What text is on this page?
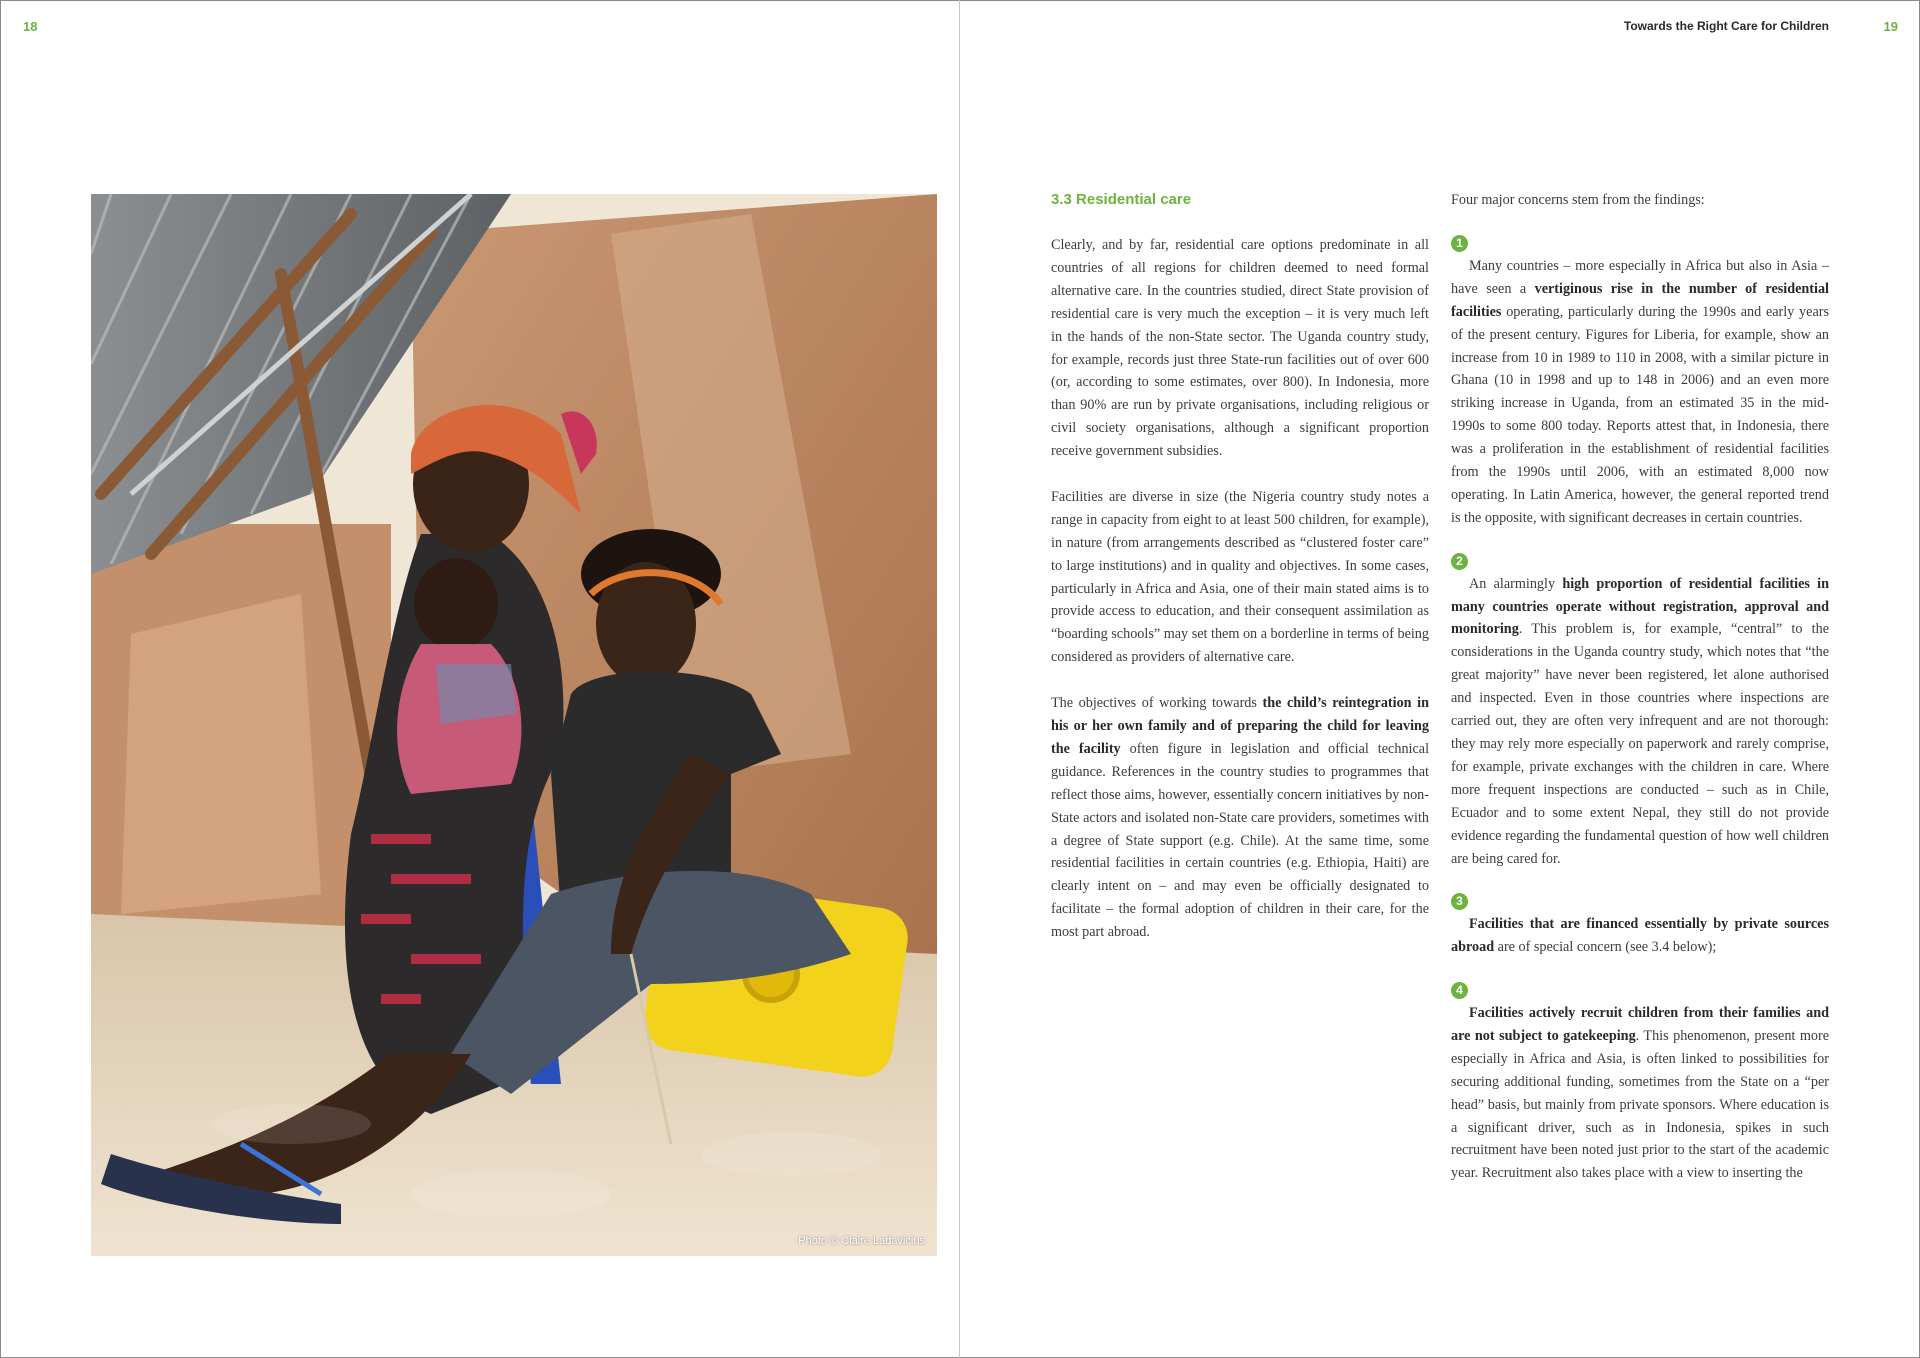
18	Towards the Right Care for Children	19
Photo © Claire Ladavicius
3.3 Residential care

Clearly, and by far, residential care options predominate in all countries of all regions for children deemed to need formal alternative care. In the countries studied, direct State provision of residential care is very much the exception – it is very much left in the hands of the non-State sector. The Uganda country study, for example, records just three State-run facilities out of over 600 (or, according to some estimates, over 800). In Indonesia, more than 90% are run by private organisations, including religious or civil society organisations, although a significant proportion receive government subsidies.

Facilities are diverse in size (the Nigeria country study notes a range in capacity from eight to at least 500 children, for example), in nature (from arrangements described as “clustered foster care” to large institutions) and in quality and objectives. In some cases, particularly in Africa and Asia, one of their main stated aims is to provide access to education, and their consequent assimilation as “boarding schools” may set them on a borderline in terms of being considered as providers of alternative care.

The objectives of working towards the child’s reintegration in his or her own family and of preparing the child for leaving the facility often figure in legislation and official technical guidance. References in the country studies to programmes that reflect those aims, however, essentially concern initiatives by non-State actors and isolated non-State care providers, sometimes with a degree of State support (e.g. Chile). At the same time, some residential facilities in certain countries (e.g. Ethiopia, Haiti) are clearly intent on – and may even be officially designated to facilitate – the formal adoption of children in their care, for the most part abroad.

Four major concerns stem from the findings:
1
Many countries – more especially in Africa but also in Asia – have seen a vertiginous rise in the number of residential facilities operating, particularly during the 1990s and early years of the present century. Figures for Liberia, for example, show an increase from 10 in 1989 to 110 in 2008, with a similar picture in Ghana (10 in 1998 and up to 148 in 2006) and an even more striking increase in Uganda, from an estimated 35 in the mid-1990s to some 800 today. Reports attest that, in Indonesia, there was a proliferation in the establishment of residential facilities from the 1990s until 2006, with an estimated 8,000 now operating. In Latin America, however, the general reported trend is the opposite, with significant decreases in certain countries.
2
An alarmingly high proportion of residential facilities in many countries operate without registration, approval and monitoring. This problem is, for example, “central” to the considerations in the Uganda country study, which notes that “the great majority” have never been registered, let alone authorised and inspected. Even in those countries where inspections are carried out, they are often very infrequent and are not thorough: they may rely more especially on paperwork and rarely comprise, for example, private exchanges with the children in care. Where more frequent inspections are conducted – such as in Chile, Ecuador and to some extent Nepal, they still do not provide evidence regarding the fundamental question of how well children are being cared for.
3
Facilities that are financed essentially by private sources abroad are of special concern (see 3.4 below);
4
Facilities actively recruit children from their families and are not subject to gatekeeping. This phenomenon, present more especially in Africa and Asia, is often linked to possibilities for securing additional funding, sometimes from the State on a “per head” basis, but mainly from private sponsors. Where education is a significant driver, such as in Indonesia, spikes in such recruitment have been noted just prior to the start of the academic year. Recruitment also takes place with a view to inserting the
